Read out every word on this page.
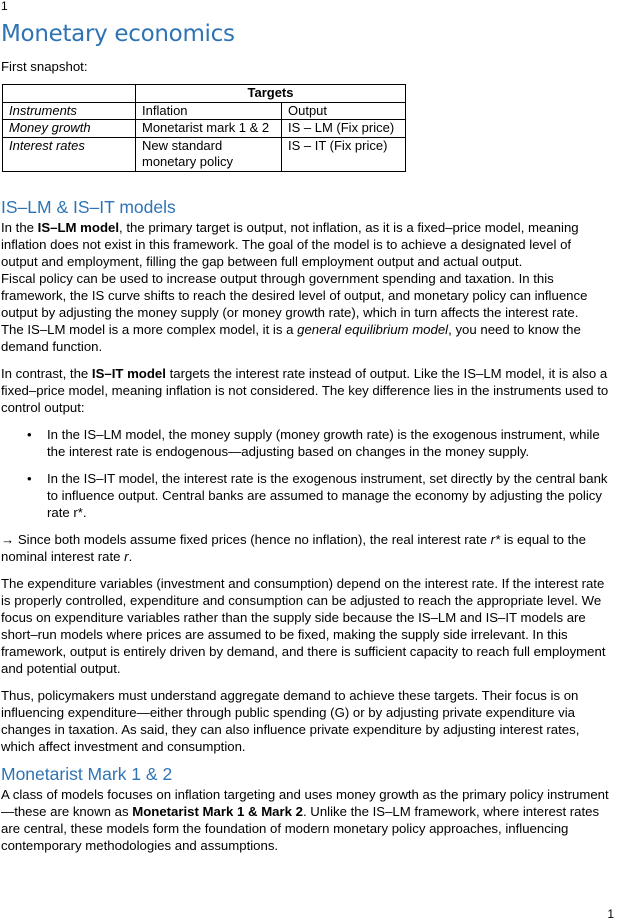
1
Monetary economics
First snapshot:
	Targets	
Instruments	Inflation	Output
Money growth	Monetarist mark 1 & 2	IS – LM (Fix price)
Interest rates	New standard monetary policy	IS – IT (Fix price)
IS–LM & IS–IT models

In the IS–LM model, the primary target is output, not inflation, as it is a fixed–price model, meaning inflation does not exist in this framework. The goal of the model is to achieve a designated level of output and employment, filling the gap between full employment output and actual output.

Fiscal policy can be used to increase output through government spending and taxation. In this framework, the IS curve shifts to reach the desired level of output, and monetary policy can influence output by adjusting the money supply (or money growth rate), which in turn affects the interest rate.

The IS–LM model is a more complex model, it is a general equilibrium model, you need to know the demand function.

In contrast, the IS–IT model targets the interest rate instead of output. Like the IS–LM model, it is also a fixed–price model, meaning inflation is not considered. The key difference lies in the instruments used to control output:

• In the IS–LM model, the money supply (money growth rate) is the exogenous instrument, while the interest rate is endogenous—adjusting based on changes in the money supply.
• In the IS–IT model, the interest rate is the exogenous instrument, set directly by the central bank to influence output. Central banks are assumed to manage the economy by adjusting the policy rate r*.

→ Since both models assume fixed prices (hence no inflation), the real interest rate r* is equal to the nominal interest rate r.

The expenditure variables (investment and consumption) depend on the interest rate. If the interest rate is properly controlled, expenditure and consumption can be adjusted to reach the appropriate level. We focus on expenditure variables rather than the supply side because the IS–LM and IS–IT models are short–run models where prices are assumed to be fixed, making the supply side irrelevant. In this framework, output is entirely driven by demand, and there is sufficient capacity to reach full employment and potential output.

Thus, policymakers must understand aggregate demand to achieve these targets. Their focus is on influencing expenditure—either through public spending (G) or by adjusting private expenditure via changes in taxation. As said, they can also influence private expenditure by adjusting interest rates, which affect investment and consumption.

Monetarist Mark 1 & 2

A class of models focuses on inflation targeting and uses money growth as the primary policy instrument—these are known as Monetarist Mark 1 & Mark 2. Unlike the IS–LM framework, where interest rates are central, these models form the foundation of modern monetary policy approaches, influencing contemporary methodologies and assumptions.

1
